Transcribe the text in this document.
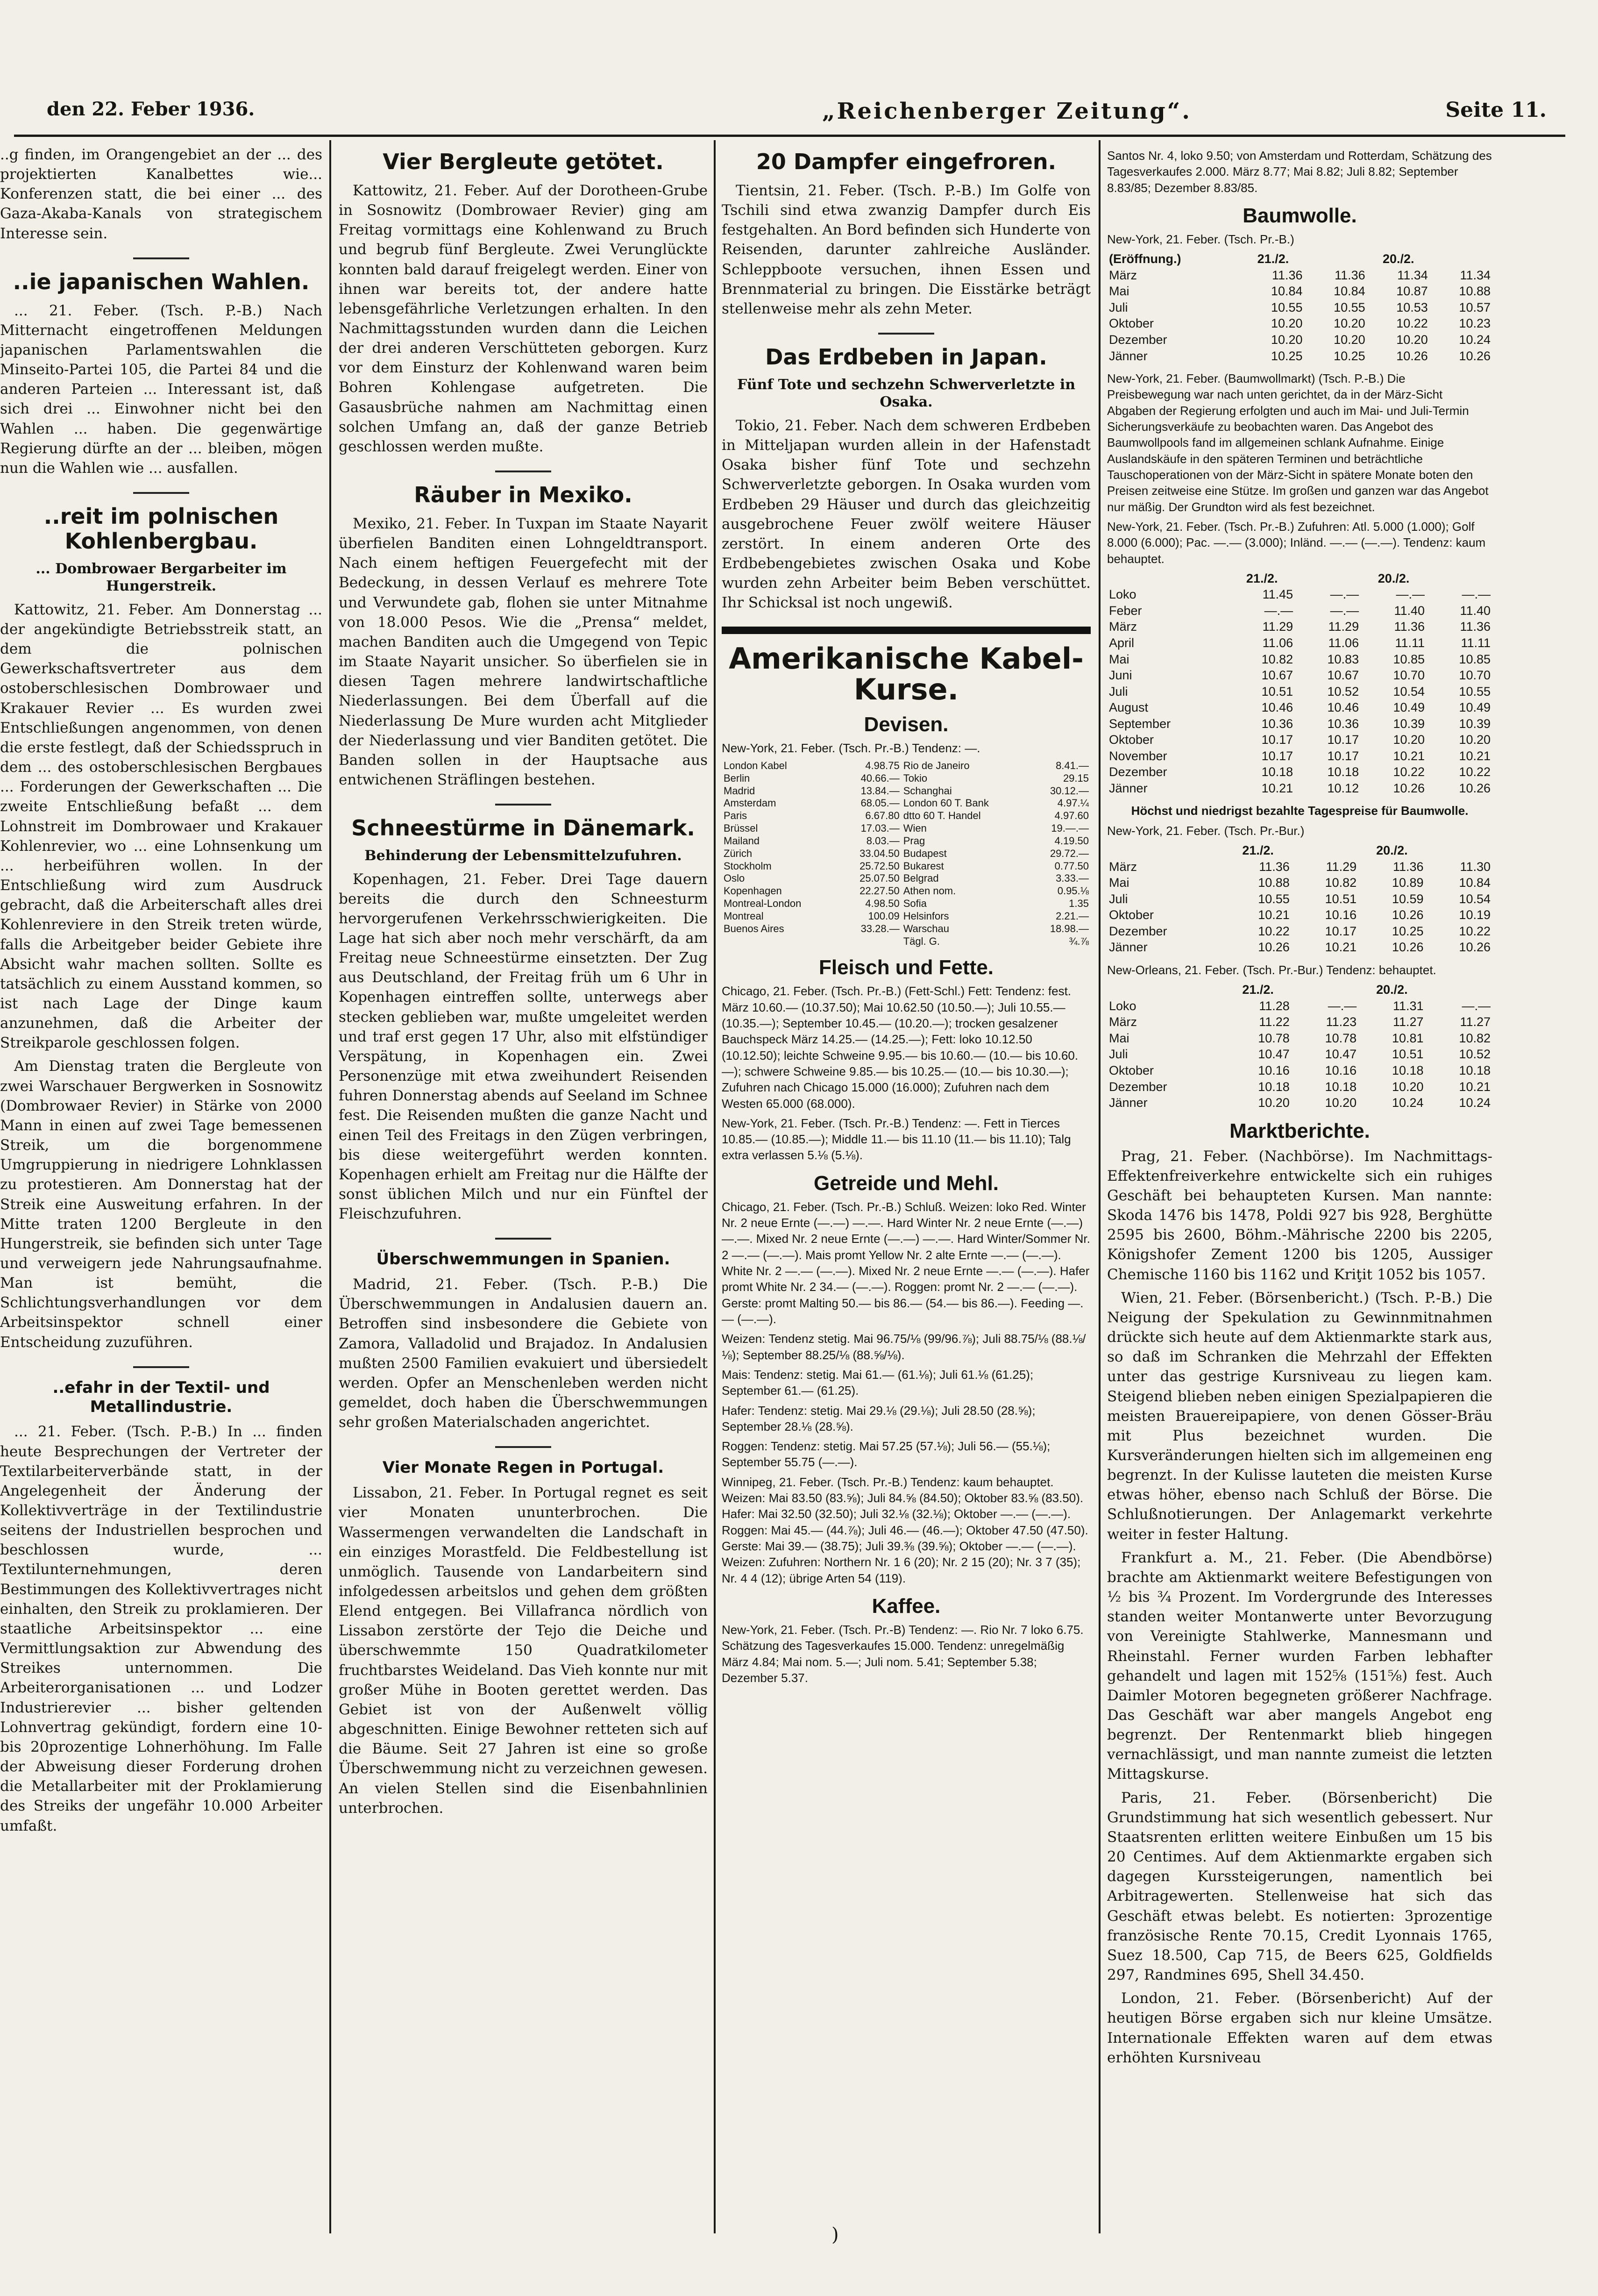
den 22. Feber 1936.	„Reichenberger Zeitung“.	Seite 11.

..g finden, im Orangengebiet an der ... des projektierten Kanalbettes wie... Konferenzen statt, die bei einer ... des Gaza-Akaba-Kanals von strategischem Interesse sein.

..ie japanischen Wahlen.

... 21. Feber. (Tsch. P.-B.) Nach Mitternacht eingetroffenen Meldungen japanischen Parlamentswahlen die Minseito-Partei 105, die Partei 84 und die anderen Parteien ... Interessant ist, daß sich drei ... Einwohner nicht bei den Wahlen ... haben. Die gegenwärtige Regierung dürfte an der ... bleiben, mögen nun die Wahlen wie ... ausfallen.

..reit im polnischen Kohlenbergbau.
... Dombrowaer Bergarbeiter im Hungerstreik.

Kattowitz, 21. Feber. Am Donnerstag ... der angekündigte Betriebsstreik statt, an dem die polnischen Gewerkschaftsvertreter aus dem ostoberschlesischen Dombrowaer und Krakauer Revier ... Es wurden zwei Entschließungen angenommen, von denen die erste festlegt, daß der Schiedsspruch in dem ... des ostoberschlesischen Bergbaues ... Forderungen der Gewerkschaften ... Die zweite Entschließung befaßt ... dem Lohnstreit im Dombrowaer und Krakauer Kohlenrevier, wo ... eine Lohnsenkung um ... herbeiführen wollen. In der Entschließung wird zum Ausdruck gebracht, daß die Arbeiterschaft alles drei Kohlenreviere in den Streik treten würde, falls die Arbeitgeber beider Gebiete ihre Absicht wahr machen sollten. Sollte es tatsächlich zu einem Ausstand kommen, so ist nach Lage der Dinge kaum anzunehmen, daß die Arbeiter der Streikparole geschlossen folgen.

Am Dienstag traten die Bergleute von zwei Warschauer Bergwerken in Sosnowitz (Dombrowaer Revier) in Stärke von 2000 Mann in einen auf zwei Tage bemessenen Streik, um die borgenommene Umgruppierung in niedrigere Lohnklassen zu protestieren. Am Donnerstag hat der Streik eine Ausweitung erfahren. In der Mitte traten 1200 Bergleute in den Hungerstreik, sie befinden sich unter Tage und verweigern jede Nahrungsaufnahme. Man ist bemüht, die Schlichtungsverhandlungen vor dem Arbeitsinspektor schnell einer Entscheidung zuzuführen.

..efahr in der Textil- und Metallindustrie.

... 21. Feber. (Tsch. P.-B.) In ... finden heute Besprechungen der Vertreter der Textilarbeiterverbände statt, in der Angelegenheit der Änderung der Kollektivverträge in der Textilindustrie seitens der Industriellen besprochen und beschlossen wurde, ... Textilunternehmungen, deren Bestimmungen des Kollektivvertrages nicht einhalten, den Streik zu proklamieren. Der staatliche Arbeitsinspektor ... eine Vermittlungsaktion zur Abwendung des Streikes unternommen. Die Arbeiterorganisationen ... und Lodzer Industrierevier ... bisher geltenden Lohnvertrag gekündigt, fordern eine 10- bis 20prozentige Lohnerhöhung. Im Falle der Abweisung dieser Forderung drohen die Metallarbeiter mit der Proklamierung des Streiks der ungefähr 10.000 Arbeiter umfaßt.

Vier Bergleute getötet.

Kattowitz, 21. Feber. Auf der Dorotheen-Grube in Sosnowitz (Dombrowaer Revier) ging am Freitag vormittags eine Kohlenwand zu Bruch und begrub fünf Bergleute. Zwei Verunglückte konnten bald darauf freigelegt werden. Einer von ihnen war bereits tot, der andere hatte lebensgefährliche Verletzungen erhalten. In den Nachmittagsstunden wurden dann die Leichen der drei anderen Verschütteten geborgen. Kurz vor dem Einsturz der Kohlenwand waren beim Bohren Kohlengase aufgetreten. Die Gasausbrüche nahmen am Nachmittag einen solchen Umfang an, daß der ganze Betrieb geschlossen werden mußte.

Räuber in Mexiko.

Mexiko, 21. Feber. In Tuxpan im Staate Nayarit überfielen Banditen einen Lohngeldtransport. Nach einem heftigen Feuergefecht mit der Bedeckung, in dessen Verlauf es mehrere Tote und Verwundete gab, flohen sie unter Mitnahme von 18.000 Pesos. Wie die „Prensa“ meldet, machen Banditen auch die Umgegend von Tepic im Staate Nayarit unsicher. So überfielen sie in diesen Tagen mehrere landwirtschaftliche Niederlassungen. Bei dem Überfall auf die Niederlassung De Mure wurden acht Mitglieder der Niederlassung und vier Banditen getötet. Die Banden sollen in der Hauptsache aus entwichenen Sträflingen bestehen.

Schneestürme in Dänemark.
Behinderung der Lebensmittelzufuhren.

Kopenhagen, 21. Feber. Drei Tage dauern bereits die durch den Schneesturm hervorgerufenen Verkehrsschwierigkeiten. Die Lage hat sich aber noch mehr verschärft, da am Freitag neue Schneestürme einsetzten. Der Zug aus Deutschland, der Freitag früh um 6 Uhr in Kopenhagen eintreffen sollte, unterwegs aber stecken geblieben war, mußte umgeleitet werden und traf erst gegen 17 Uhr, also mit elfstündiger Verspätung, in Kopenhagen ein. Zwei Personenzüge mit etwa zweihundert Reisenden fuhren Donnerstag abends auf Seeland im Schnee fest. Die Reisenden mußten die ganze Nacht und einen Teil des Freitags in den Zügen verbringen, bis diese weitergeführt werden konnten. Kopenhagen erhielt am Freitag nur die Hälfte der sonst üblichen Milch und nur ein Fünftel der Fleischzufuhren.

Überschwemmungen in Spanien.

Madrid, 21. Feber. (Tsch. P.-B.) Die Überschwemmungen in Andalusien dauern an. Betroffen sind insbesondere die Gebiete von Zamora, Valladolid und Brajadoz. In Andalusien mußten 2500 Familien evakuiert und übersiedelt werden. Opfer an Menschenleben werden nicht gemeldet, doch haben die Überschwemmungen sehr großen Materialschaden angerichtet.

Vier Monate Regen in Portugal.

Lissabon, 21. Feber. In Portugal regnet es seit vier Monaten ununterbrochen. Die Wassermengen verwandelten die Landschaft in ein einziges Morastfeld. Die Feldbestellung ist unmöglich. Tausende von Landarbeitern sind infolgedessen arbeitslos und gehen dem größten Elend entgegen. Bei Villafranca nördlich von Lissabon zerstörte der Tejo die Deiche und überschwemmte 150 Quadratkilometer fruchtbarstes Weideland. Das Vieh konnte nur mit großer Mühe in Booten gerettet werden. Das Gebiet ist von der Außenwelt völlig abgeschnitten. Einige Bewohner retteten sich auf die Bäume. Seit 27 Jahren ist eine so große Überschwemmung nicht zu verzeichnen gewesen. An vielen Stellen sind die Eisenbahnlinien unterbrochen.

20 Dampfer eingefroren.

Tientsin, 21. Feber. (Tsch. P.-B.) Im Golfe von Tschili sind etwa zwanzig Dampfer durch Eis festgehalten. An Bord befinden sich Hunderte von Reisenden, darunter zahlreiche Ausländer. Schleppboote versuchen, ihnen Essen und Brennmaterial zu bringen. Die Eisstärke beträgt stellenweise mehr als zehn Meter.

Das Erdbeben in Japan.
Fünf Tote und sechzehn Schwerverletzte in Osaka.

Tokio, 21. Feber. Nach dem schweren Erdbeben in Mitteljapan wurden allein in der Hafenstadt Osaka bisher fünf Tote und sechzehn Schwerverletzte geborgen. In Osaka wurden vom Erdbeben 29 Häuser und durch das gleichzeitig ausgebrochene Feuer zwölf weitere Häuser zerstört. In einem anderen Orte des Erdbebengebietes zwischen Osaka und Kobe wurden zehn Arbeiter beim Beben verschüttet. Ihr Schicksal ist noch ungewiß.

Amerikanische Kabel-Kurse.
Devisen.
New-York, 21. Feber. (Tsch. Pr.-B.) Tendenz: —.
London Kabel	4.98.75	Rio de Janeiro	8.41.—
Berlin	40.66.—	Tokio	29.15
Madrid	13.84.—	Schanghai	30.12.—
Amsterdam	68.05.—	London 60 T. Bank	4.97.¼
Paris	6.67.80	dtto 60 T. Handel	4.97.60
Brüssel	17.03.—	Wien	19.—.—
Mailand	8.03.—	Prag	4.19.50
Zürich	33.04.50	Budapest	29.72.—
Stockholm	25.72.50	Bukarest	0.77.50
Oslo	25.07.50	Belgrad	3.33.—
Kopenhagen	22.27.50	Athen nom.	0.95.⅛
Montreal-London	4.98.50	Sofia	1.35
Montreal	100.09	Helsinfors	2.21.—
Buenos Aires	33.28.—	Warschau	18.98.—
		Tägl. G.	¾.⅞
Fleisch und Fette.
Chicago, 21. Feber. (Tsch. Pr.-B.) (Fett-Schl.) Fett: Tendenz: fest. März 10.60.— (10.37.50); Mai 10.62.50 (10.50.—); Juli 10.55.— (10.35.—); September 10.45.— (10.20.—); trocken gesalzener Bauchspeck März 14.25.— (14.25.—); Fett: loko 10.12.50 (10.12.50); leichte Schweine 9.95.— bis 10.60.— (10.— bis 10.60.—); schwere Schweine 9.85.— bis 10.25.— (10.— bis 10.30.—); Zufuhren nach Chicago 15.000 (16.000); Zufuhren nach dem Westen 65.000 (68.000).
New-York, 21. Feber. (Tsch. Pr.-B.) Tendenz: —. Fett in Tierces 10.85.— (10.85.—); Middle 11.— bis 11.10 (11.— bis 11.10); Talg extra verlassen 5.⅛ (5.⅛).
Getreide und Mehl.
Chicago, 21. Feber. (Tsch. Pr.-B.) Schluß. Weizen: loko Red. Winter Nr. 2 neue Ernte (—.—) —.—. Hard Winter Nr. 2 neue Ernte (—.—) —.—. Mixed Nr. 2 neue Ernte (—.—) —.—. Hard Winter/Sommer Nr. 2 —.— (—.—). Mais promt Yellow Nr. 2 alte Ernte —.— (—.—). White Nr. 2 —.— (—.—). Mixed Nr. 2 neue Ernte —.— (—.—). Hafer promt White Nr. 2 34.— (—.—). Roggen: promt Nr. 2 —.— (—.—). Gerste: promt Malting 50.— bis 86.— (54.— bis 86.—). Feeding —.— (—.—).
Weizen: Tendenz stetig. Mai 96.75/⅛ (99/96.⅞); Juli 88.75/⅛ (88.⅛/⅛); September 88.25/⅛ (88.⅝/⅛).
Mais: Tendenz: stetig. Mai 61.— (61.⅛); Juli 61.⅛ (61.25); September 61.— (61.25).
Hafer: Tendenz: stetig. Mai 29.⅛ (29.⅛); Juli 28.50 (28.⅝); September 28.⅛ (28.⅝).
Roggen: Tendenz: stetig. Mai 57.25 (57.⅛); Juli 56.— (55.⅛); September 55.75 (—.—).
Winnipeg, 21. Feber. (Tsch. Pr.-B.) Tendenz: kaum behauptet. Weizen: Mai 83.50 (83.⅝); Juli 84.⅝ (84.50); Oktober 83.⅝ (83.50). Hafer: Mai 32.50 (32.50); Juli 32.⅛ (32.⅛); Oktober —.— (—.—). Roggen: Mai 45.— (44.⅞); Juli 46.— (46.—); Oktober 47.50 (47.50). Gerste: Mai 39.— (38.75); Juli 39.⅜ (39.⅝); Oktober —.— (—.—). Weizen: Zufuhren: Northern Nr. 1 6 (20); Nr. 2 15 (20); Nr. 3 7 (35); Nr. 4 4 (12); übrige Arten 54 (119).
Kaffee.
New-York, 21. Feber. (Tsch. Pr.-B) Tendenz: —. Rio Nr. 7 loko 6.75. Schätzung des Tagesverkaufes 15.000. Tendenz: unregelmäßig März 4.84; Mai nom. 5.—; Juli nom. 5.41; September 5.38; Dezember 5.37.
Santos Nr. 4, loko 9.50; von Amsterdam und Rotterdam, Schätzung des Tagesverkaufes 2.000. März 8.77; Mai 8.82; Juli 8.82; September 8.83/85; Dezember 8.83/85.
Baumwolle.
New-York, 21. Feber. (Tsch. Pr.-B.)
(Eröffnung.)	21./2.		20./2.	
März	11.36	11.36	11.34	11.34
Mai	10.84	10.84	10.87	10.88
Juli	10.55	10.55	10.53	10.57
Oktober	10.20	10.20	10.22	10.23
Dezember	10.20	10.20	10.20	10.24
Jänner	10.25	10.25	10.26	10.26
New-York, 21. Feber. (Baumwollmarkt) (Tsch. P.-B.) Die Preisbewegung war nach unten gerichtet, da in der März-Sicht Abgaben der Regierung erfolgten und auch im Mai- und Juli-Termin Sicherungsverkäufe zu beobachten waren. Das Angebot des Baumwollpools fand im allgemeinen schlank Aufnahme. Einige Auslandskäufe in den späteren Terminen und beträchtliche Tauschoperationen von der März-Sicht in spätere Monate boten den Preisen zeitweise eine Stütze. Im großen und ganzen war das Angebot nur mäßig. Der Grundton wird als fest bezeichnet.
New-York, 21. Feber. (Tsch. Pr.-B.) Zufuhren: Atl. 5.000 (1.000); Golf 8.000 (6.000); Pac. —.— (3.000); Inländ. —.— (—.—). Tendenz: kaum behauptet.
	21./2.		20./2.	
Loko	11.45	—.—	—.—	—.—
Feber	—.—	—.—	11.40	11.40
März	11.29	11.29	11.36	11.36
April	11.06	11.06	11.11	11.11
Mai	10.82	10.83	10.85	10.85
Juni	10.67	10.67	10.70	10.70
Juli	10.51	10.52	10.54	10.55
August	10.46	10.46	10.49	10.49
September	10.36	10.36	10.39	10.39
Oktober	10.17	10.17	10.20	10.20
November	10.17	10.17	10.21	10.21
Dezember	10.18	10.18	10.22	10.22
Jänner	10.21	10.12	10.26	10.26
Höchst und niedrigst bezahlte Tagespreise für Baumwolle.
New-York, 21. Feber. (Tsch. Pr.-Bur.)
	21./2.		20./2.	
März	11.36	11.29	11.36	11.30
Mai	10.88	10.82	10.89	10.84
Juli	10.55	10.51	10.59	10.54
Oktober	10.21	10.16	10.26	10.19
Dezember	10.22	10.17	10.25	10.22
Jänner	10.26	10.21	10.26	10.26
New-Orleans, 21. Feber. (Tsch. Pr.-Bur.) Tendenz: behauptet.
	21./2.		20./2.	
Loko	11.28	—.—	11.31	—.—
März	11.22	11.23	11.27	11.27
Mai	10.78	10.78	10.81	10.82
Juli	10.47	10.47	10.51	10.52
Oktober	10.16	10.16	10.18	10.18
Dezember	10.18	10.18	10.20	10.21
Jänner	10.20	10.20	10.24	10.24
Marktberichte.

Prag, 21. Feber. (Nachbörse). Im Nachmittags-Effektenfreiverkehre entwickelte sich ein ruhiges Geschäft bei behaupteten Kursen. Man nannte: Skoda 1476 bis 1478, Poldi 927 bis 928, Berghütte 2595 bis 2600, Böhm.-Mährische 2200 bis 2205, Königshofer Zement 1200 bis 1205, Aussiger Chemische 1160 bis 1162 und Kriţit 1052 bis 1057.

Wien, 21. Feber. (Börsenbericht.) (Tsch. P.-B.) Die Neigung der Spekulation zu Gewinnmitnahmen drückte sich heute auf dem Aktienmarkte stark aus, so daß im Schranken die Mehrzahl der Effekten unter das gestrige Kursniveau zu liegen kam. Steigend blieben neben einigen Spezialpapieren die meisten Brauereipapiere, von denen Gösser-Bräu mit Plus bezeichnet wurden. Die Kursveränderungen hielten sich im allgemeinen eng begrenzt. In der Kulisse lauteten die meisten Kurse etwas höher, ebenso nach Schluß der Börse. Die Schlußnotierungen. Der Anlagemarkt verkehrte weiter in fester Haltung.

Frankfurt a. M., 21. Feber. (Die Abendbörse) brachte am Aktienmarkt weitere Befestigungen von ½ bis ¾ Prozent. Im Vordergrunde des Interesses standen weiter Montanwerte unter Bevorzugung von Vereinigte Stahlwerke, Mannesmann und Rheinstahl. Ferner wurden Farben lebhafter gehandelt und lagen mit 152⅝ (151⅝) fest. Auch Daimler Motoren begegneten größerer Nachfrage. Das Geschäft war aber mangels Angebot eng begrenzt. Der Rentenmarkt blieb hingegen vernachlässigt, und man nannte zumeist die letzten Mittagskurse.

Paris, 21. Feber. (Börsenbericht) Die Grundstimmung hat sich wesentlich gebessert. Nur Staatsrenten erlitten weitere Einbußen um 15 bis 20 Centimes. Auf dem Aktienmarkte ergaben sich dagegen Kurssteigerungen, namentlich bei Arbitragewerten. Stellenweise hat sich das Geschäft etwas belebt. Es notierten: 3prozentige französische Rente 70.15, Credit Lyonnais 1765, Suez 18.500, Cap 715, de Beers 625, Goldfields 297, Randmines 695, Shell 34.450.

London, 21. Feber. (Börsenbericht) Auf der heutigen Börse ergaben sich nur kleine Umsätze. Internationale Effekten waren auf dem etwas erhöhten Kursniveau

)
